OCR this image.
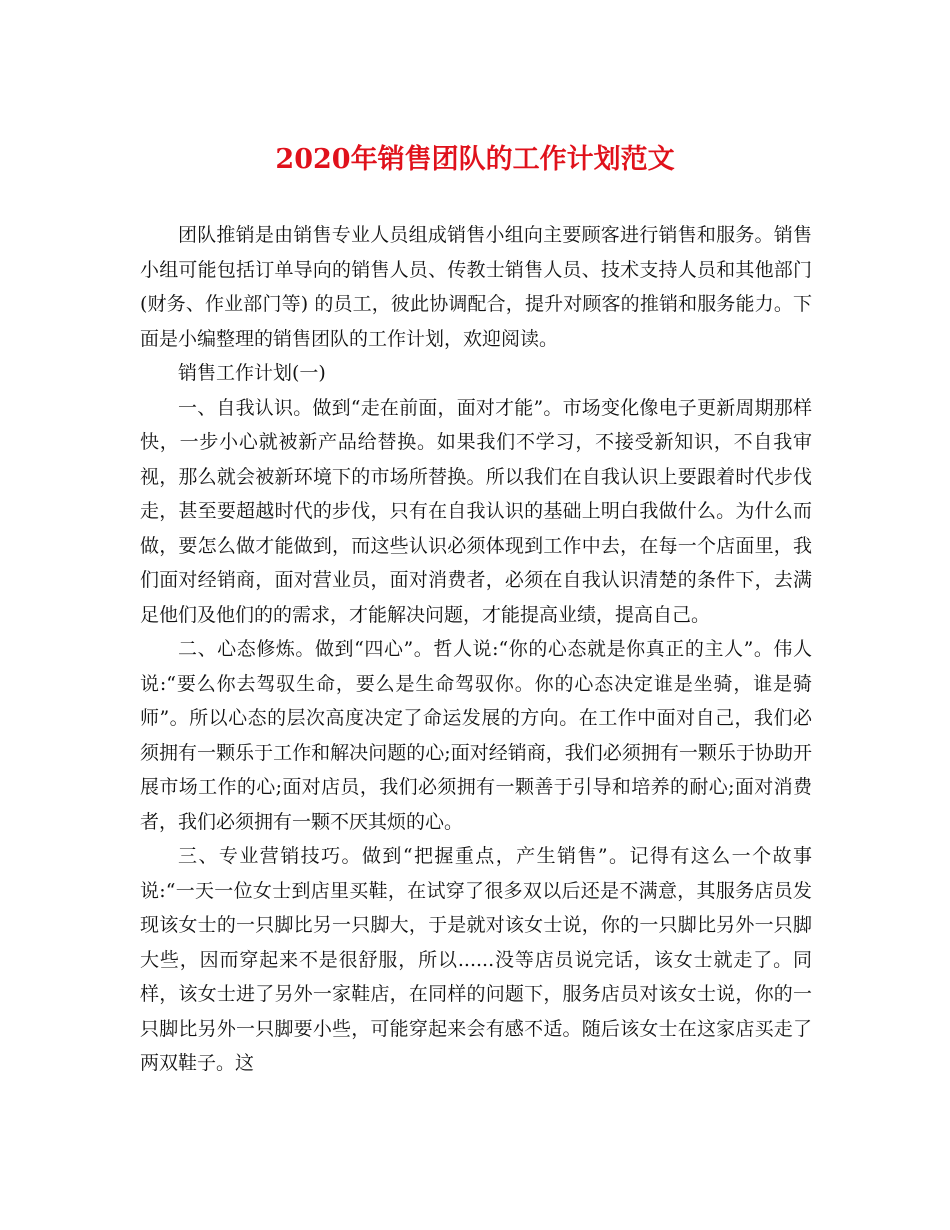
2020年销售团队的工作计划范文

团队推销是由销售专业人员组成销售小组向主要顾客进行销售和服务。销售小组可能包括订单导向的销售人员、传教士销售人员、技术支持人员和其他部门(财务、作业部门等) 的员工，彼此协调配合，提升对顾客的推销和服务能力。下面是小编整理的销售团队的工作计划，欢迎阅读。

销售工作计划(一)

一、自我认识。做到“走在前面，面对才能”。市场变化像电子更新周期那样快，一步小心就被新产品给替换。如果我们不学习，不接受新知识，不自我审视，那么就会被新环境下的市场所替换。所以我们在自我认识上要跟着时代步伐走，甚至要超越时代的步伐，只有在自我认识的基础上明白我做什么。为什么而做，要怎么做才能做到，而这些认识必须体现到工作中去，在每一个店面里，我们面对经销商，面对营业员，面对消费者，必须在自我认识清楚的条件下，去满足他们及他们的的需求，才能解决问题，才能提高业绩，提高自己。

二、心态修炼。做到“四心”。哲人说:“你的心态就是你真正的主人”。伟人说:“要么你去驾驭生命，要么是生命驾驭你。你的心态决定谁是坐骑，谁是骑师”。所以心态的层次高度决定了命运发展的方向。在工作中面对自己，我们必须拥有一颗乐于工作和解决问题的心;面对经销商，我们必须拥有一颗乐于协助开展市场工作的心;面对店员，我们必须拥有一颗善于引导和培养的耐心;面对消费者，我们必须拥有一颗不厌其烦的心。

三、专业营销技巧。做到“把握重点，产生销售”。记得有这么一个故事说:“一天一位女士到店里买鞋，在试穿了很多双以后还是不满意，其服务店员发现该女士的一只脚比另一只脚大，于是就对该女士说，你的一只脚比另外一只脚大些，因而穿起来不是很舒服，所以......没等店员说完话，该女士就走了。同样，该女士进了另外一家鞋店，在同样的问题下，服务店员对该女士说，你的一只脚比另外一只脚要小些，可能穿起来会有感不适。随后该女士在这家店买走了两双鞋子。这
